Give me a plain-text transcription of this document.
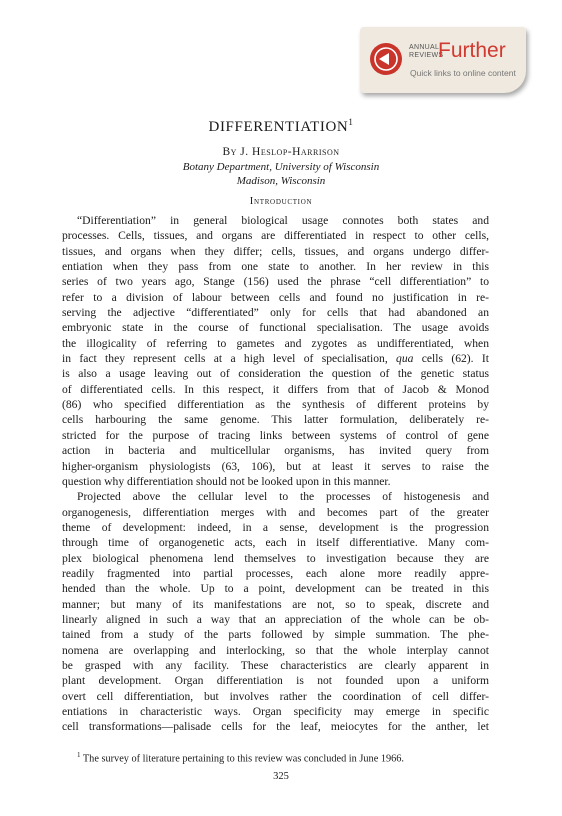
ANNUAL
REVIEWS
Further
Quick links to online content
DIFFERENTIATION$^1$
By J. Heslop-Harrison
Botany Department, University of Wisconsin
Madison, Wisconsin
Introduction
“Differentiation” in general biological usage connotes both states and
processes. Cells, tissues, and organs are differentiated in respect to other cells,
tissues, and organs when they differ; cells, tissues, and organs undergo differ-
entiation when they pass from one state to another. In her review in this
series of two years ago, Stange (156) used the phrase “cell differentiation” to
refer to a division of labour between cells and found no justification in re-
serving the adjective “differentiated” only for cells that had abandoned an
embryonic state in the course of functional specialisation. The usage avoids
the illogicality of referring to gametes and zygotes as undifferentiated, when
in fact they represent cells at a high level of specialisation, qua cells (62). It
is also a usage leaving out of consideration the question of the genetic status
of differentiated cells. In this respect, it differs from that of Jacob & Monod
(86) who specified differentiation as the synthesis of different proteins by
cells harbouring the same genome. This latter formulation, deliberately re-
stricted for the purpose of tracing links between systems of control of gene
action in bacteria and multicellular organisms, has invited query from
higher-organism physiologists (63, 106), but at least it serves to raise the
question why differentiation should not be looked upon in this manner.
Projected above the cellular level to the processes of histogenesis and
organogenesis, differentiation merges with and becomes part of the greater
theme of development: indeed, in a sense, development is the progression
through time of organogenetic acts, each in itself differentiative. Many com-
plex biological phenomena lend themselves to investigation because they are
readily fragmented into partial processes, each alone more readily appre-
hended than the whole. Up to a point, development can be treated in this
manner; but many of its manifestations are not, so to speak, discrete and
linearly aligned in such a way that an appreciation of the whole can be ob-
tained from a study of the parts followed by simple summation. The phe-
nomena are overlapping and interlocking, so that the whole interplay cannot
be grasped with any facility. These characteristics are clearly apparent in
plant development. Organ differentiation is not founded upon a uniform
overt cell differentiation, but involves rather the coordination of cell differ-
entiations in characteristic ways. Organ specificity may emerge in specific
cell transformations—palisade cells for the leaf, meiocytes for the anther, let
$^1$ The survey of literature pertaining to this review was concluded in June 1966.
325
